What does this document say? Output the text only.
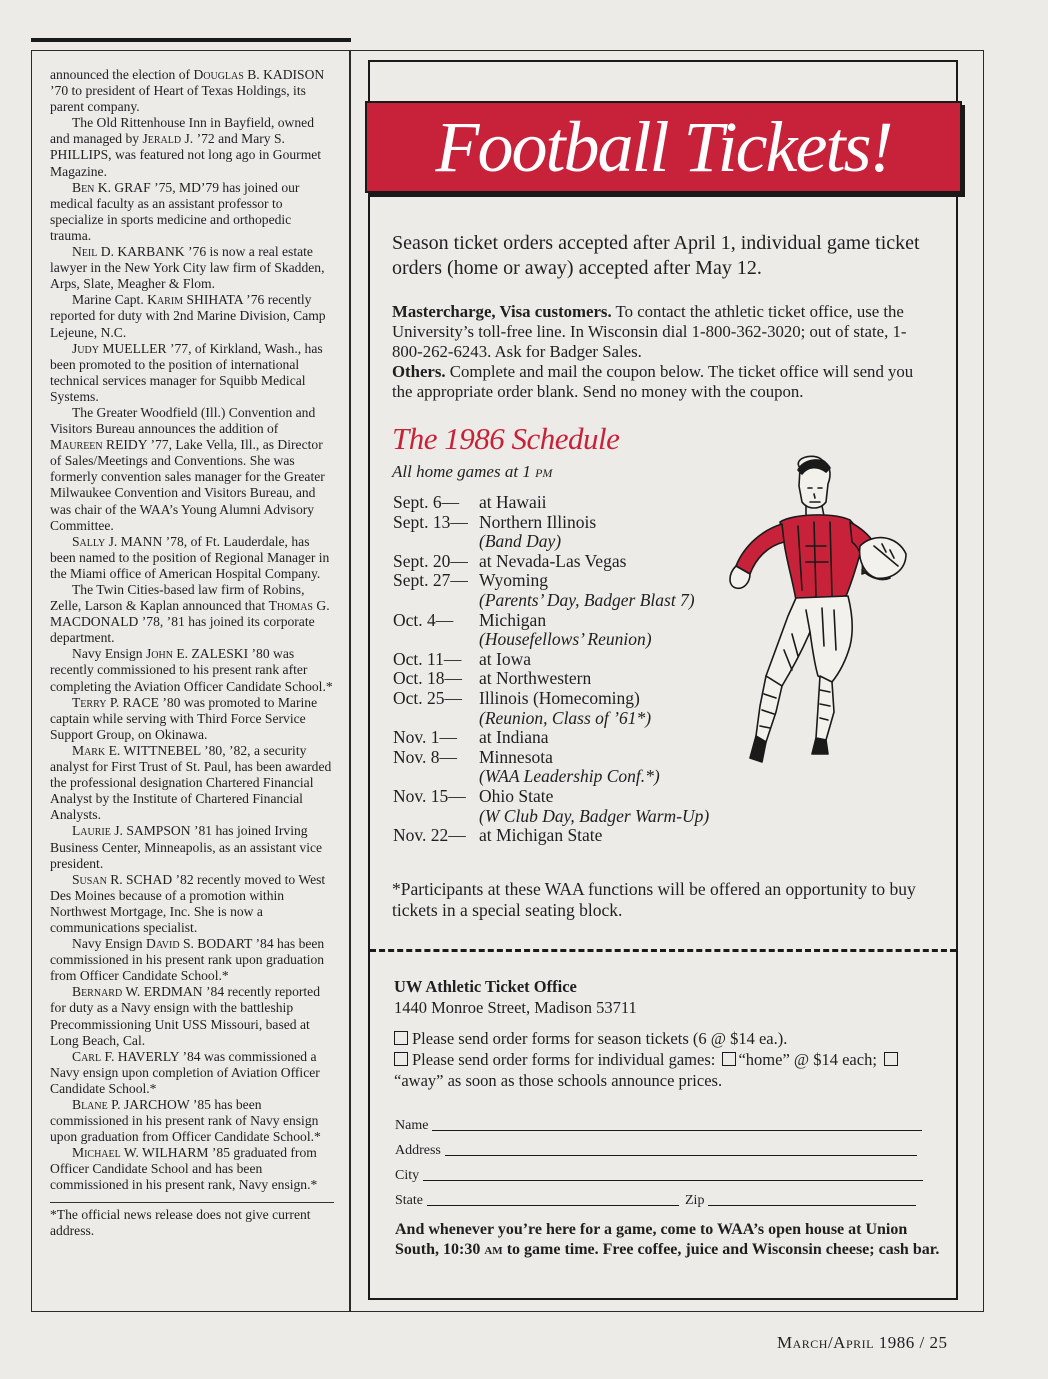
announced the election of Douglas B. KADISON ’70 to president of Heart of Texas Holdings, its parent company.

The Old Rittenhouse Inn in Bayfield, owned and managed by Jerald J. ’72 and Mary S. PHILLIPS, was featured not long ago in Gourmet Magazine.

Ben K. GRAF ’75, MD’79 has joined our medical faculty as an assistant professor to specialize in sports medicine and orthopedic trauma.

Neil D. KARBANK ’76 is now a real estate lawyer in the New York City law firm of Skadden, Arps, Slate, Meagher & Flom.

Marine Capt. Karim SHIHATA ’76 recently reported for duty with 2nd Marine Division, Camp Lejeune, N.C.

Judy MUELLER ’77, of Kirkland, Wash., has been promoted to the position of international technical services manager for Squibb Medical Systems.

The Greater Woodfield (Ill.) Convention and Visitors Bureau announces the addition of Maureen REIDY ’77, Lake Vella, Ill., as Director of Sales/Meetings and Conventions. She was formerly convention sales manager for the Greater Milwaukee Convention and Visitors Bureau, and was chair of the WAA’s Young Alumni Advisory Committee.

Sally J. MANN ’78, of Ft. Lauderdale, has been named to the position of Regional Manager in the Miami office of American Hospital Company.

The Twin Cities-based law firm of Robins, Zelle, Larson & Kaplan announced that Thomas G. MACDONALD ’78, ’81 has joined its corporate department.

Navy Ensign John E. ZALESKI ’80 was recently commissioned to his present rank after completing the Aviation Officer Candidate School.*

Terry P. RACE ’80 was promoted to Marine captain while serving with Third Force Service Support Group, on Okinawa.

Mark E. WITTNEBEL ’80, ’82, a security analyst for First Trust of St. Paul, has been awarded the professional designation Chartered Financial Analyst by the Institute of Chartered Financial Analysts.

Laurie J. SAMPSON ’81 has joined Irving Business Center, Minneapolis, as an assistant vice president.

Susan R. SCHAD ’82 recently moved to West Des Moines because of a promotion within Northwest Mortgage, Inc. She is now a communications specialist.

Navy Ensign David S. BODART ’84 has been commissioned in his present rank upon graduation from Officer Candidate School.*

Bernard W. ERDMAN ’84 recently reported for duty as a Navy ensign with the battleship Precommissioning Unit USS Missouri, based at Long Beach, Cal.

Carl F. HAVERLY ’84 was commissioned a Navy ensign upon completion of Aviation Officer Candidate School.*

Blane P. JARCHOW ’85 has been commissioned in his present rank of Navy ensign upon graduation from Officer Candidate School.*

Michael W. WILHARM ’85 graduated from Officer Candidate School and has been commissioned in his present rank, Navy ensign.*

*The official news release does not give current address.

Football Tickets!

Season ticket orders accepted after April 1, individual game ticket orders (home or away) accepted after May 12.

Mastercharge, Visa customers. To contact the athletic ticket office, use the University’s toll-free line. In Wisconsin dial 1-800-362-3020; out of state, 1-800-262-6243. Ask for Badger Sales.
Others. Complete and mail the coupon below. The ticket office will send you the appropriate order blank. Send no money with the coupon.

The 1986 Schedule

All home games at 1 pm

Sept. 6—	at Hawaii
Sept. 13— Northern Illinois
(Band Day)
Sept. 20— at Nevada-Las Vegas
Sept. 27— Wyoming
(Parents’ Day, Badger Blast 7)
Oct. 4—	Michigan
(Housefellows’ Reunion)
Oct. 11—	at Iowa
Oct. 18— at Northwestern
Oct. 25— Illinois (Homecoming)
(Reunion, Class of ’61*)
Nov. 1—	at Indiana
Nov. 8—	Minnesota
(WAA Leadership Conf.*)
Nov. 15— Ohio State
(W Club Day, Badger Warm-Up)
Nov. 22— at Michigan State

*Participants at these WAA functions will be offered an opportunity to buy tickets in a special seating block.

UW Athletic Ticket Office
1440 Monroe Street, Madison 53711
Please send order forms for season tickets (6 @ $14 ea.).
Please send order forms for individual games: “home” @ $14 each; “away” as soon as those schools announce prices.
Name
Address
City
State	Zip

And whenever you’re here for a game, come to WAA’s open house at Union South, 10:30 am to game time. Free coffee, juice and Wisconsin cheese; cash bar.

March/April 1986 / 25
